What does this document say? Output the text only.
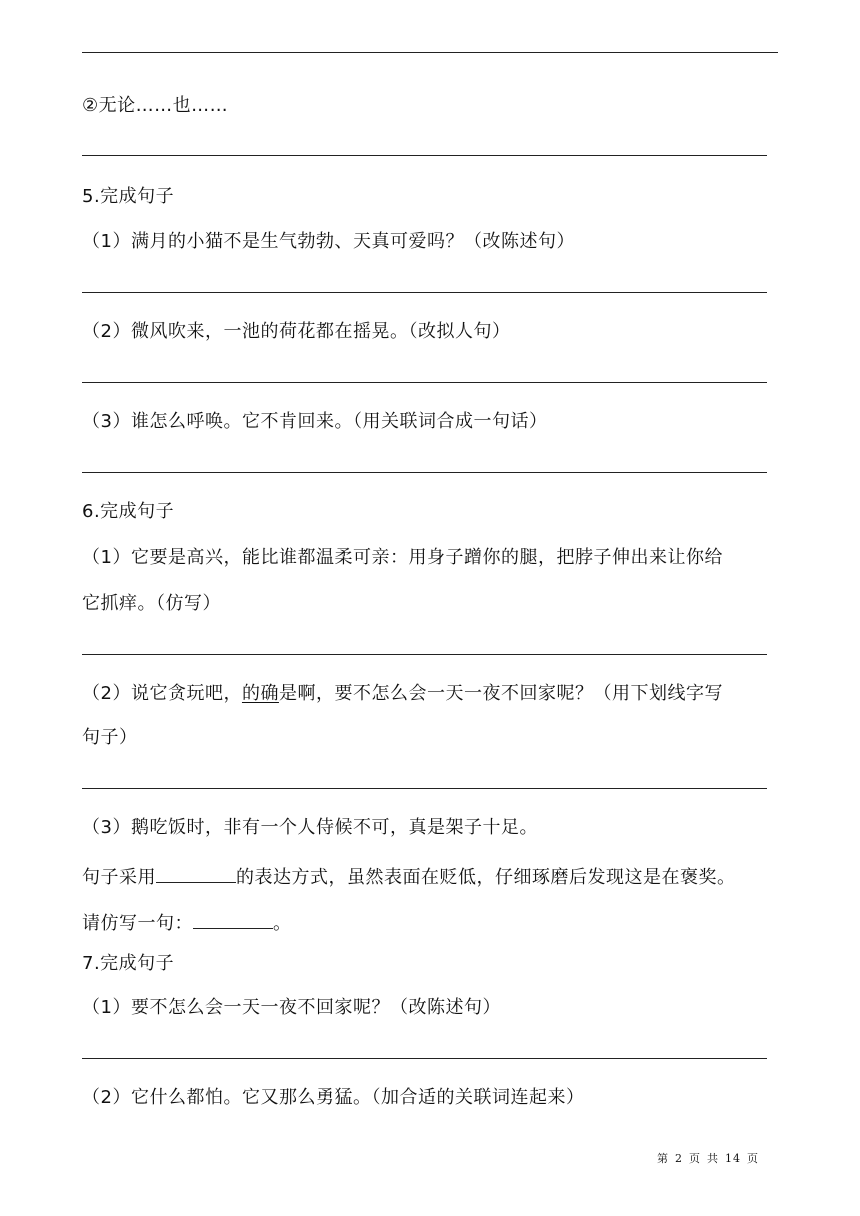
②无论……也……
5.完成句子
（1）满月的小猫不是生气勃勃、天真可爱吗？（改陈述句）
（2）微风吹来，一池的荷花都在摇晃。（改拟人句）
（3）谁怎么呼唤。它不肯回来。（用关联词合成一句话）
6.完成句子
（1）它要是高兴，能比谁都温柔可亲：用身子蹭你的腿，把脖子伸出来让你给
它抓痒。（仿写）
（2）说它贪玩吧，的确是啊，要不怎么会一天一夜不回家呢？（用下划线字写
句子）
（3）鹅吃饭时，非有一个人侍候不可，真是架子十足。
句子采用	的表达方式，虽然表面在贬低，仔细琢磨后发现这是在褒奖。
请仿写一句：	。
7.完成句子
（1）要不怎么会一天一夜不回家呢？（改陈述句）
（2）它什么都怕。它又那么勇猛。（加合适的关联词连起来）
第 2 页 共 14 页
